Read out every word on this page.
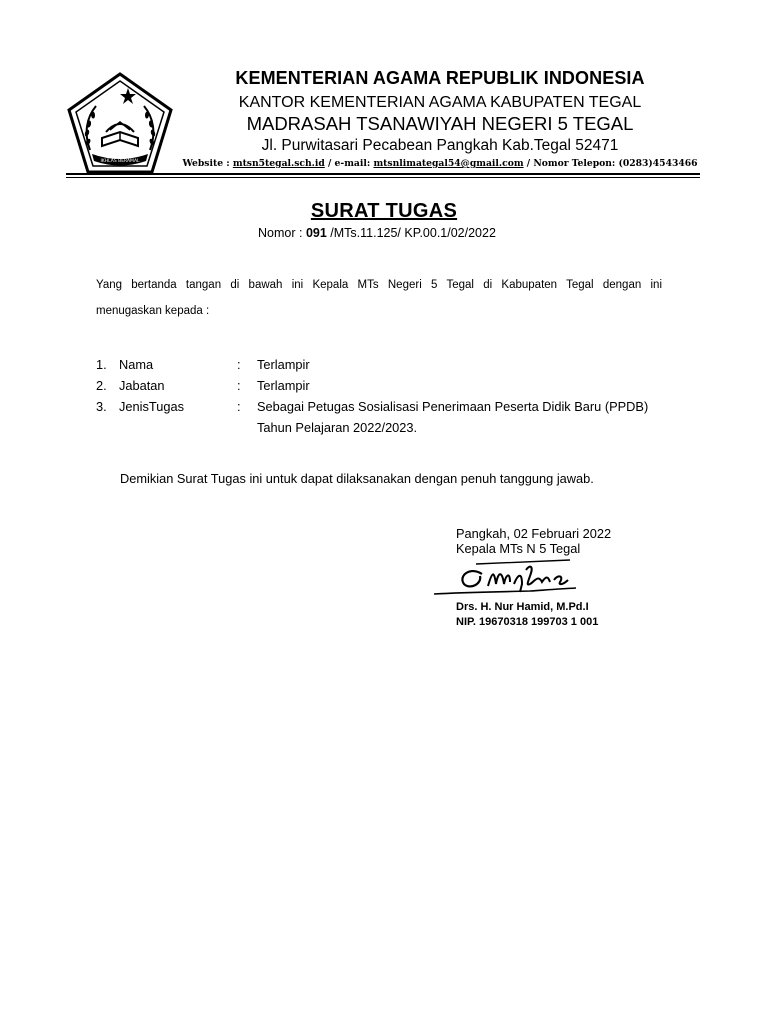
IKHLAS BERAMAL
KEMENTERIAN AGAMA REPUBLIK INDONESIA
KANTOR KEMENTERIAN AGAMA KABUPATEN TEGAL
MADRASAH TSANAWIYAH NEGERI 5 TEGAL
Jl. Purwitasari Pecabean Pangkah Kab.Tegal 52471
Website : mtsn5tegal.sch.id / e-mail: mtsnlimategal54@gmail.com / Nomor Telepon: (0283)4543466
SURAT TUGAS
Nomor : 091 /MTs.11.125/ KP.00.1/02/2022
Yang bertanda tangan di bawah ini Kepala MTs Negeri 5 Tegal di Kabupaten Tegal dengan ini
menugaskan kepada :
1. Nama	: Terlampir
2. Jabatan	: Terlampir
3. JenisTugas	: Sebagai Petugas Sosialisasi Penerimaan Peserta Didik Baru (PPDB)
Tahun Pelajaran 2022/2023.
Demikian Surat Tugas ini untuk dapat dilaksanakan dengan penuh tanggung jawab.
Pangkah, 02 Februari 2022
Kepala MTs N 5 Tegal
Drs. H. Nur Hamid, M.Pd.I
NIP. 19670318 199703 1 001
